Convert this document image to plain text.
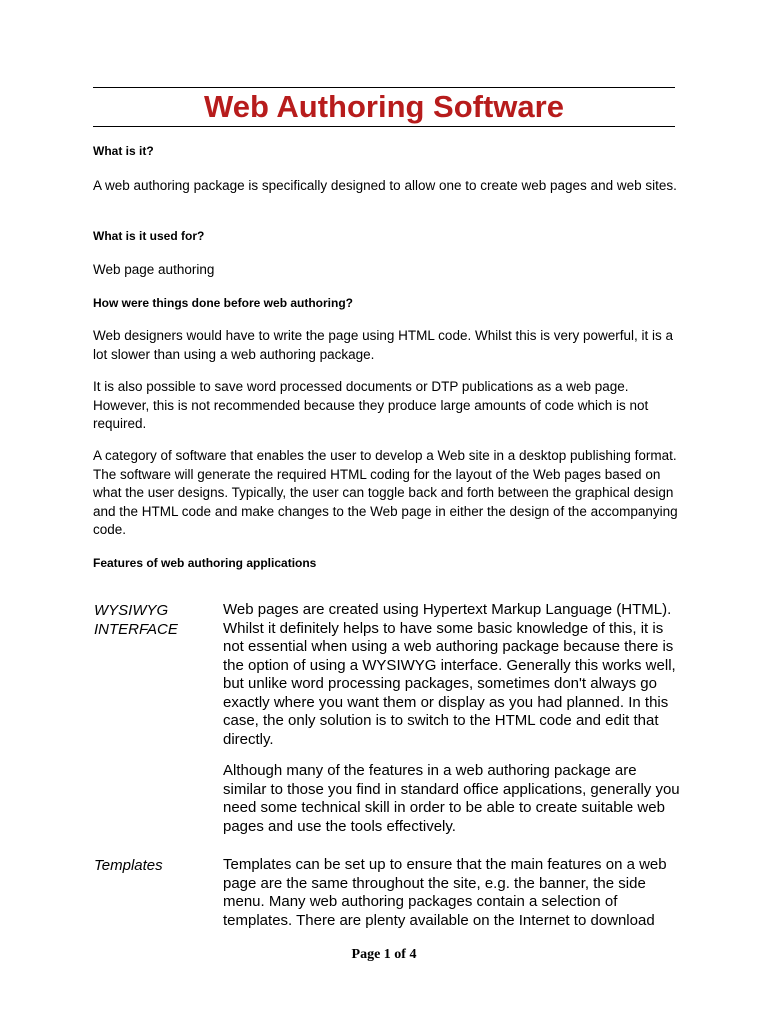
Web Authoring Software
What is it?
A web authoring package is specifically designed to allow one to create web pages and web sites.
What is it used for?
Web page authoring
How were things done before web authoring?
Web designers would have to write the page using HTML code. Whilst this is very powerful, it is a lot slower than using a web authoring package.
It is also possible to save word processed documents or DTP publications as a web page. However, this is not recommended because they produce large amounts of code which is not required.
A category of software that enables the user to develop a Web site in a desktop publishing format. The software will generate the required HTML coding for the layout of the Web pages based on what the user designs. Typically, the user can toggle back and forth between the graphical design and the HTML code and make changes to the Web page in either the design of the accompanying code.
Features of web authoring applications
WYSIWYG INTERFACE
Web pages are created using Hypertext Markup Language (HTML). Whilst it definitely helps to have some basic knowledge of this, it is not essential when using a web authoring package because there is the option of using a WYSIWYG interface. Generally this works well, but unlike word processing packages, sometimes don't always go exactly where you want them or display as you had planned. In this case, the only solution is to switch to the HTML code and edit that directly.
Although many of the features in a web authoring package are similar to those you find in standard office applications, generally you need some technical skill in order to be able to create suitable web pages and use the tools effectively.
Templates	Templates can be set up to ensure that the main features on a web page are the same throughout the site, e.g. the banner, the side menu. Many web authoring packages contain a selection of templates. There are plenty available on the Internet to download
Page 1 of 4
